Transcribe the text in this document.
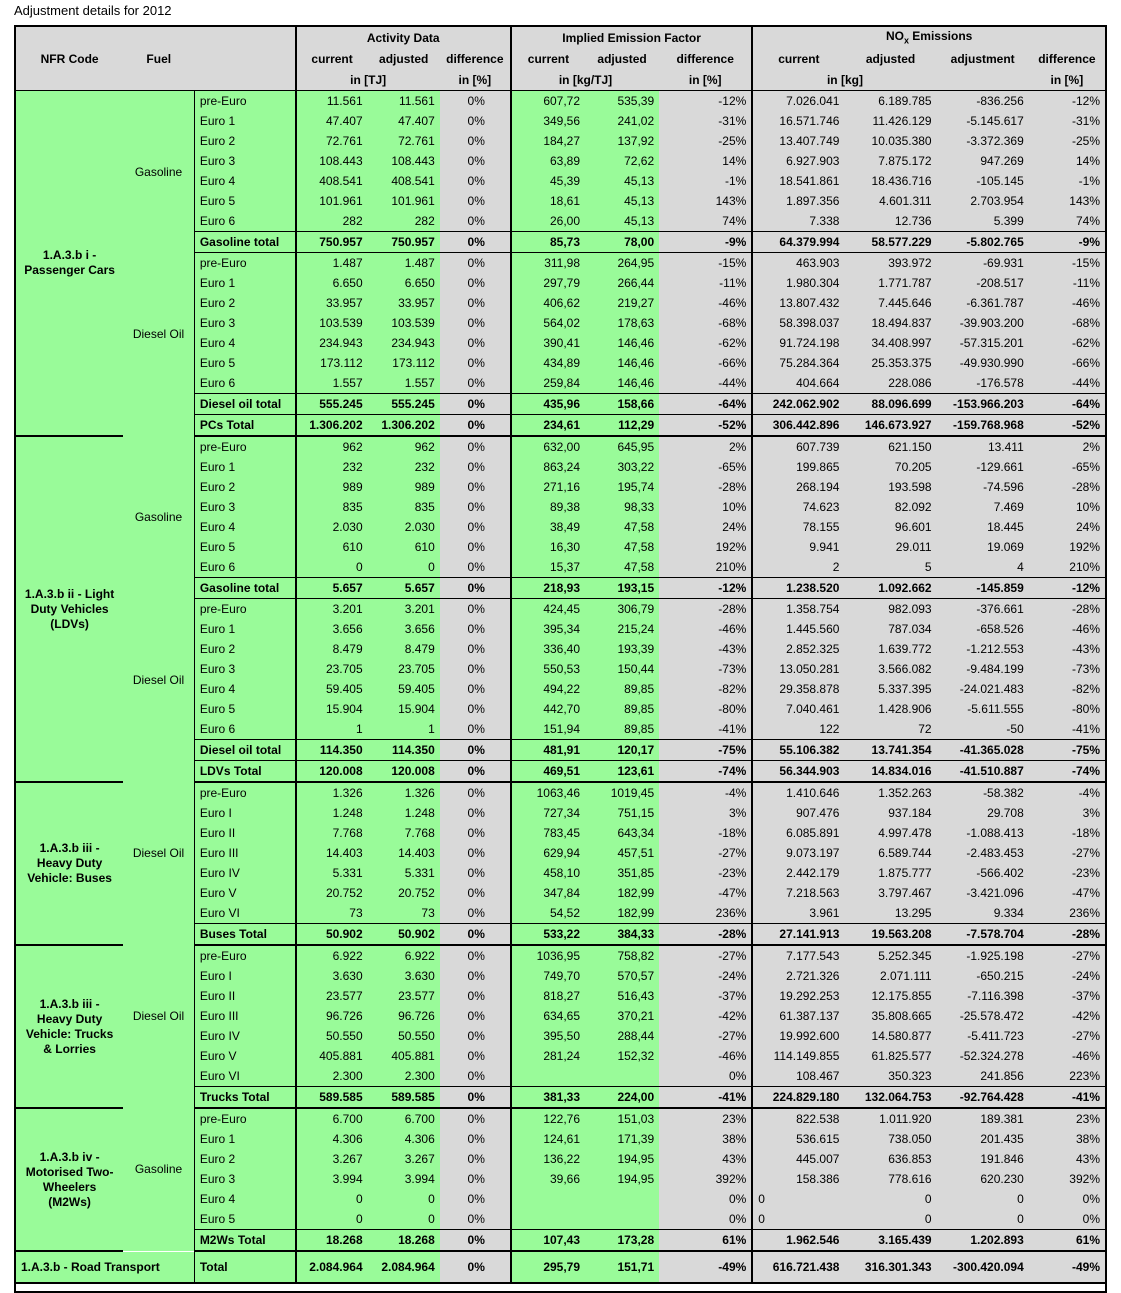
Adjustment details for 2012
			Activity Data			Implied Emission Factor			$NO_x$ Emissions			
NFR Code	Fuel		current	adjusted	difference	current	adjusted	difference	current	adjusted	adjustment	difference
			in [TJ]		in [%]	in [kg/TJ]		in [%]	in [kg]			in [%]
1.A.3.b i - Passenger Cars	Gasoline	pre-Euro	11.561	11.561	0%	607,72	535,39	-12%	7.026.041	6.189.785	-836.256	-12%
		Euro 1	47.407	47.407	0%	349,56	241,02	-31%	16.571.746	11.426.129	-5.145.617	-31%
		Euro 2	72.761	72.761	0%	184,27	137,92	-25%	13.407.749	10.035.380	-3.372.369	-25%
		Euro 3	108.443	108.443	0%	63,89	72,62	14%	6.927.903	7.875.172	947.269	14%
		Euro 4	408.541	408.541	0%	45,39	45,13	-1%	18.541.861	18.436.716	-105.145	-1%
		Euro 5	101.961	101.961	0%	18,61	45,13	143%	1.897.356	4.601.311	2.703.954	143%
		Euro 6	282	282	0%	26,00	45,13	74%	7.338	12.736	5.399	74%
		Gasoline total	750.957	750.957	0%	85,73	78,00	-9%	64.379.994	58.577.229	-5.802.765	-9%
	Diesel Oil	pre-Euro	1.487	1.487	0%	311,98	264,95	-15%	463.903	393.972	-69.931	-15%
		Euro 1	6.650	6.650	0%	297,79	266,44	-11%	1.980.304	1.771.787	-208.517	-11%
		Euro 2	33.957	33.957	0%	406,62	219,27	-46%	13.807.432	7.445.646	-6.361.787	-46%
		Euro 3	103.539	103.539	0%	564,02	178,63	-68%	58.398.037	18.494.837	-39.903.200	-68%
		Euro 4	234.943	234.943	0%	390,41	146,46	-62%	91.724.198	34.408.997	-57.315.201	-62%
		Euro 5	173.112	173.112	0%	434,89	146,46	-66%	75.284.364	25.353.375	-49.930.990	-66%
		Euro 6	1.557	1.557	0%	259,84	146,46	-44%	404.664	228.086	-176.578	-44%
		Diesel oil total	555.245	555.245	0%	435,96	158,66	-64%	242.062.902	88.096.699	-153.966.203	-64%
		PCs Total	1.306.202	1.306.202	0%	234,61	112,29	-52%	306.442.896	146.673.927	-159.768.968	-52%
1.A.3.b ii - Light Duty Vehicles (LDVs)	Gasoline	pre-Euro	962	962	0%	632,00	645,95	2%	607.739	621.150	13.411	2%
		Euro 1	232	232	0%	863,24	303,22	-65%	199.865	70.205	-129.661	-65%
		Euro 2	989	989	0%	271,16	195,74	-28%	268.194	193.598	-74.596	-28%
		Euro 3	835	835	0%	89,38	98,33	10%	74.623	82.092	7.469	10%
		Euro 4	2.030	2.030	0%	38,49	47,58	24%	78.155	96.601	18.445	24%
		Euro 5	610	610	0%	16,30	47,58	192%	9.941	29.011	19.069	192%
		Euro 6	0	0	0%	15,37	47,58	210%	2	5	4	210%
		Gasoline total	5.657	5.657	0%	218,93	193,15	-12%	1.238.520	1.092.662	-145.859	-12%
	Diesel Oil	pre-Euro	3.201	3.201	0%	424,45	306,79	-28%	1.358.754	982.093	-376.661	-28%
		Euro 1	3.656	3.656	0%	395,34	215,24	-46%	1.445.560	787.034	-658.526	-46%
		Euro 2	8.479	8.479	0%	336,40	193,39	-43%	2.852.325	1.639.772	-1.212.553	-43%
		Euro 3	23.705	23.705	0%	550,53	150,44	-73%	13.050.281	3.566.082	-9.484.199	-73%
		Euro 4	59.405	59.405	0%	494,22	89,85	-82%	29.358.878	5.337.395	-24.021.483	-82%
		Euro 5	15.904	15.904	0%	442,70	89,85	-80%	7.040.461	1.428.906	-5.611.555	-80%
		Euro 6	1	1	0%	151,94	89,85	-41%	122	72	-50	-41%
		Diesel oil total	114.350	114.350	0%	481,91	120,17	-75%	55.106.382	13.741.354	-41.365.028	-75%
		LDVs Total	120.008	120.008	0%	469,51	123,61	-74%	56.344.903	14.834.016	-41.510.887	-74%
1.A.3.b iii - Heavy Duty Vehicle: Buses	Diesel Oil	pre-Euro	1.326	1.326	0%	1063,46	1019,45	-4%	1.410.646	1.352.263	-58.382	-4%
		Euro I	1.248	1.248	0%	727,34	751,15	3%	907.476	937.184	29.708	3%
		Euro II	7.768	7.768	0%	783,45	643,34	-18%	6.085.891	4.997.478	-1.088.413	-18%
		Euro III	14.403	14.403	0%	629,94	457,51	-27%	9.073.197	6.589.744	-2.483.453	-27%
		Euro IV	5.331	5.331	0%	458,10	351,85	-23%	2.442.179	1.875.777	-566.402	-23%
		Euro V	20.752	20.752	0%	347,84	182,99	-47%	7.218.563	3.797.467	-3.421.096	-47%
		Euro VI	73	73	0%	54,52	182,99	236%	3.961	13.295	9.334	236%
		Buses Total	50.902	50.902	0%	533,22	384,33	-28%	27.141.913	19.563.208	-7.578.704	-28%
1.A.3.b iii - Heavy Duty Vehicle: Trucks & Lorries	Diesel Oil	pre-Euro	6.922	6.922	0%	1036,95	758,82	-27%	7.177.543	5.252.345	-1.925.198	-27%
		Euro I	3.630	3.630	0%	749,70	570,57	-24%	2.721.326	2.071.111	-650.215	-24%
		Euro II	23.577	23.577	0%	818,27	516,43	-37%	19.292.253	12.175.855	-7.116.398	-37%
		Euro III	96.726	96.726	0%	634,65	370,21	-42%	61.387.137	35.808.665	-25.578.472	-42%
		Euro IV	50.550	50.550	0%	395,50	288,44	-27%	19.992.600	14.580.877	-5.411.723	-27%
		Euro V	405.881	405.881	0%	281,24	152,32	-46%	114.149.855	61.825.577	-52.324.278	-46%
		Euro VI	2.300	2.300	0%			0%	108.467	350.323	241.856	223%
		Trucks Total	589.585	589.585	0%	381,33	224,00	-41%	224.829.180	132.064.753	-92.764.428	-41%
1.A.3.b iv - Motorised Two-Wheelers (M2Ws)	Gasoline	pre-Euro	6.700	6.700	0%	122,76	151,03	23%	822.538	1.011.920	189.381	23%
		Euro 1	4.306	4.306	0%	124,61	171,39	38%	536.615	738.050	201.435	38%
		Euro 2	3.267	3.267	0%	136,22	194,95	43%	445.007	636.853	191.846	43%
		Euro 3	3.994	3.994	0%	39,66	194,95	392%	158.386	778.616	620.230	392%
		Euro 4	0	0	0%			0%	0	0	0	0%
		Euro 5	0	0	0%			0%	0	0	0	0%
		M2Ws Total	18.268	18.268	0%	107,43	173,28	61%	1.962.546	3.165.439	1.202.893	61%
1.A.3.b - Road Transport		Total	2.084.964	2.084.964	0%	295,79	151,71	-49%	616.721.438	316.301.343	-300.420.094	-49%
